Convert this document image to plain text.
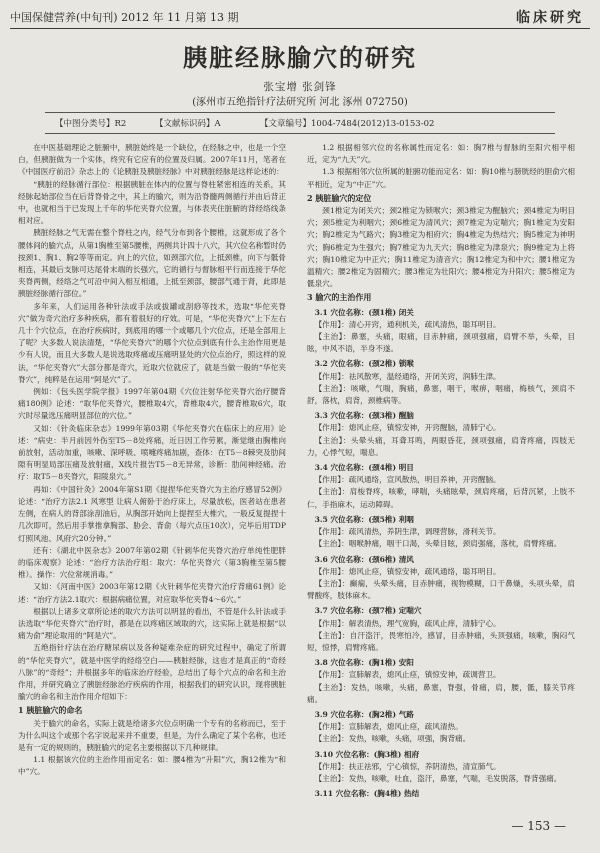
中国保健营养(中旬刊) 2012 年 11 月第 13 期	临床研究
胰脏经脉腧穴的研究
张宝增 张剑锋
(涿州市五绝指针疗法研究所 河北 涿州 072750)
【中图分类号】R2	【文献标识码】A	【文章编号】1004-7484(2012)13-0153-02

在中医基础理论之脏腑中，胰脏始终是一个缺位，在经脉之中，也是一个空白，但胰脏做为一个实体，终究有它应有的位置及归属。2007年11月，笔者在《中国医疗前沿》杂志上的《论胰脏及胰脏经脉》中对胰脏经脉是这样论述的：

“胰脏的经脉循行部位：根据胰脏在体内的位置与脊柱紧密相连的关系，其经脉起始部位当在后背脊骨之中，其上的腧穴，则为沿脊髓两侧循行并由后背正中，也就相当于已发现上千年的华佗夹脊穴位置，与体表夹住脏腑的背经络线条相对应。

胰脏经脉之气无需在整个脊柱之内，经气分布到各个腰椎，这就形成了各个腰体间的腧穴点，从第1胸椎至第5腰椎，两侧共计四十八穴，其穴位名称暂时仍按颈1、胸1、胸2等等而定。向上的穴位，如颈部穴位，上抵颈椎，向下与骶骨相连，其最后支脉可达尾骨末端的长强穴，它的循行与督脉相平行而连接于华佗夹脊两侧，经络之气可沿中间入相互相通，上抵至颈部，腰部气通于肾，此即是胰脏经脉循行部位。”

多年来，人们运用各种针法或手法或拔罐或刮痧等技术，选取“华佗夹脊穴”做为奇穴治疗多种疾病，都有着很好的疗效。可是，“华佗夹脊穴”上下左右几十个穴位点，在治疗疾病时，到底用的哪一个或哪几个穴位点，还是全部用上了呢？大多数人说法清楚，“华佗夹脊穴”的哪个穴位点到底有什么主治作用更是少有人说，而且大多数人是说选取疼痛或压痛明显处的穴位点治疗，照这样的说法，“华佗夹脊穴”大部分都是奇穴，近取穴位就应了，就是当做一般的“华佗夹脊穴”，纯粹是在运用“阿是穴”了。

例如：《包头医学院学报》1997年第04期《穴位注射华佗夹脊穴治疗腰背痛180例》论述：“取华佗夹脊穴，腰椎取4穴，背椎取4穴，腰背椎取6穴，取穴时尽量选压痛明显部位的穴位。”

又如：《针灸临床杂志》1999年第03期《华佗夹脊穴在临床上的应用》论述：“病史：半月前因外伤至T5－8处疼痛，近日因工作劳累，渐觉继由胸椎向前放射，活动加重，咳嗽、深呼吸、喷嚏疼痛加剧，查体：在T5－8棘突及肋间隙有明显局部压痛及放射痛，X线片报告T5－8无异常，诊断：肋间神经痛。治疗：取T5－8夹脊穴，阳陵泉穴。”

再如：《中国针灸》2004年第S1期《提捏华佗夹脊穴为主治疗感冒52例》论述：“治疗方法2.1 风寒型 让病人俯卧于治疗床上，尽量放松，医者站在患者左侧，在病人的背部涂刮油后，从胸部开始向上提捏至大椎穴，一般反复提捏十几次即可，然后用手掌推拿胸部、胁会、背俞（每穴点压10次），完毕后用TDP灯照风池、风府穴20分钟。”

还有：《湖北中医杂志》2007年第02期《针刺华佗夹脊穴治疗单纯性肥胖的临床观察》论述：“治疗方法治疗组：取穴：华佗夹脊穴（第3胸椎至第5腰椎）。操作：穴位常规消毒。”

又如：《河南中医》2003年第12期《火针刺华佗夹脊穴治疗背痛61例》论述：“治疗方法2.1取穴：根据病痛位置，对应取华佗夹脊4～6穴。”

根据以上诸多文章所论述的取穴方法可以明显的看出，不管是什么针法或手法选取“华佗夹脊穴”治疗时，都是在以疼痛区域取的穴，这实际上就是根据“以痛为俞”理论取用的“阿是穴”。

五绝指针疗法在治疗糖尿病以及各种疑难杂症的研究过程中，确定了所谓的“华佗夹脊穴”，就是中医学的经络空白——胰脏经脉，这也才是真正的“奇经八脉”的“奇经”；并根据多年的临床治疗经验，总结出了每个穴点的命名和主治作用，并研究确立了胰脏经脉治疗疾病的作用，根据我们的研究认识，现将胰脏腧穴的命名和主治作用介绍如下：

1 胰脏腧穴的命名

关于腧穴的命名，实际上就是给诸多穴位点明确一个专有的名称而已，至于为什么叫这个或那个名字说起来并不重要，但是，为什么确定了某个名称，也还是有一定的规则的，胰脏腧穴的定名主要根据以下几种规律。

1.1 根据该穴位的主治作用而定名：如：腰4椎为“升阳”穴，胸12椎为“和中”穴。

1.2 根据相邻穴位的名称属性而定名：如：胸7椎与督脉的至阳穴相平相近，定为“九天”穴。

1.3 根据相邻穴位所属的脏腑功能而定名：如：胸10椎与膀胱经的胆俞穴相平相近，定为“中正”穴。

2 胰脏腧穴的定位

颈1椎定为闭关穴；颈2椎定为锁喉穴；颈3椎定为醒脑穴；颈4椎定为明目穴；颈5椎定为利咽穴；颈6椎定为清风穴；颈7椎定为定喘穴；胸1椎定为安阳穴；胸2椎定为气路穴；胸3椎定为相府穴；胸4椎定为热结穴；胸5椎定为神明穴；胸6椎定为生强穴；胸7椎定为九天穴；胸8椎定为津泉穴；胸9椎定为上将穴；胸10椎定为中正穴；胸11椎定为清音穴；胸12椎定为和中穴；腰1椎定为温精穴；腰2椎定为固精穴；腰3椎定为壮阳穴；腰4椎定为升阳穴；腰5椎定为骶泉穴。

3 腧穴的主治作用

3.1 穴位名称：(颈1椎) 闭关

【作用】：清心开窍，通利机关，疏风清热，聪耳明目。

【主治】：鼻塞，头痛，眼痛，目赤肿痛，颈项强痛，肩臂不举，头晕，目眩，中风不语，半身不遂。

3.2 穴位名称：(颈2椎) 锁喉

【作用】：祛风散寒，温经通络，开闭关窍，润肺生津。

【主治】：咳嗽，气喘，胸痛，鼻塞，咽干，喉痹，咽痛，梅核气，颈肩不舒，落枕，肩背，颈椎病等。

3.3 穴位名称：(颈3椎) 醒脑

【作用】：熄风止痉，镇惊安神，开窍醒脑，清肺宁心。

【主治】：头晕头痛，耳聋耳鸣，两眼昏花，颈项强痛，肩背疼痛，四肢无力，心悸气短，喘息。

3.4 穴位名称：(颈4椎) 明目

【作用】：疏风通络，宣风散热，明目养神，开窍醒脑。

【主治】：肩梭脊疼，咳嗽，哮喘，头痛眩晕，颈肩疼痛，后背沉紧，上肢不仁，手指麻木，运动障碍。

3.5 穴位名称：(颈5椎) 利咽

【作用】：疏风清热，养阴生津，调理营脉，滑利关节。

【主治】：咽喉肿痛，咽干口渴，头晕目眩，颈肩强痛，落枕，肩臂疼痛。

3.6 穴位名称：(颈6椎) 清风

【作用】：熄风止痉，镇惊安神，疏风通络，聪耳明目。

【主治】：癫痫，头晕头痛，目赤肿痛，视物模糊，口干鼻燥，头项头晕，肩臂酸疼，肢体麻木。

3.7 穴位名称：(颈7椎) 定喘穴

【作用】：解表清热，理气宽胸，疏风止痒，清肺宁心。

【主治】：自汗盗汗，畏寒怕冷，感冒，目赤肿痛，头顶强痛，咳嗽，胸闷气短，惊悸，肩臂疼痛。

3.8 穴位名称：(胸1椎) 安阳

【作用】：宣肺解表，熄风止痉，镇惊安神，疏调营卫。

【主治】：发热，咳嗽，头痛，鼻塞，脊强，骨痛，肩，腰，骶，膝关节疼痛。

3.9 穴位名称：(胸2椎) 气路

【作用】：宣肺解表，熄风止痉，疏风清热。

【主治】：发热，咳嗽，头痛，项强，胸背痛。

3.10 穴位名称：(胸3椎) 相府

【作用】：扶正祛邪，宁心镇惊，养阴清热，清宣肺气。

【主治】：发热，咳嗽，吐血，盗汗，鼻塞，气喘，毛发脱落，脊背强痛。

3.11 穴位名称：(胸4椎) 热结

— 153 —
